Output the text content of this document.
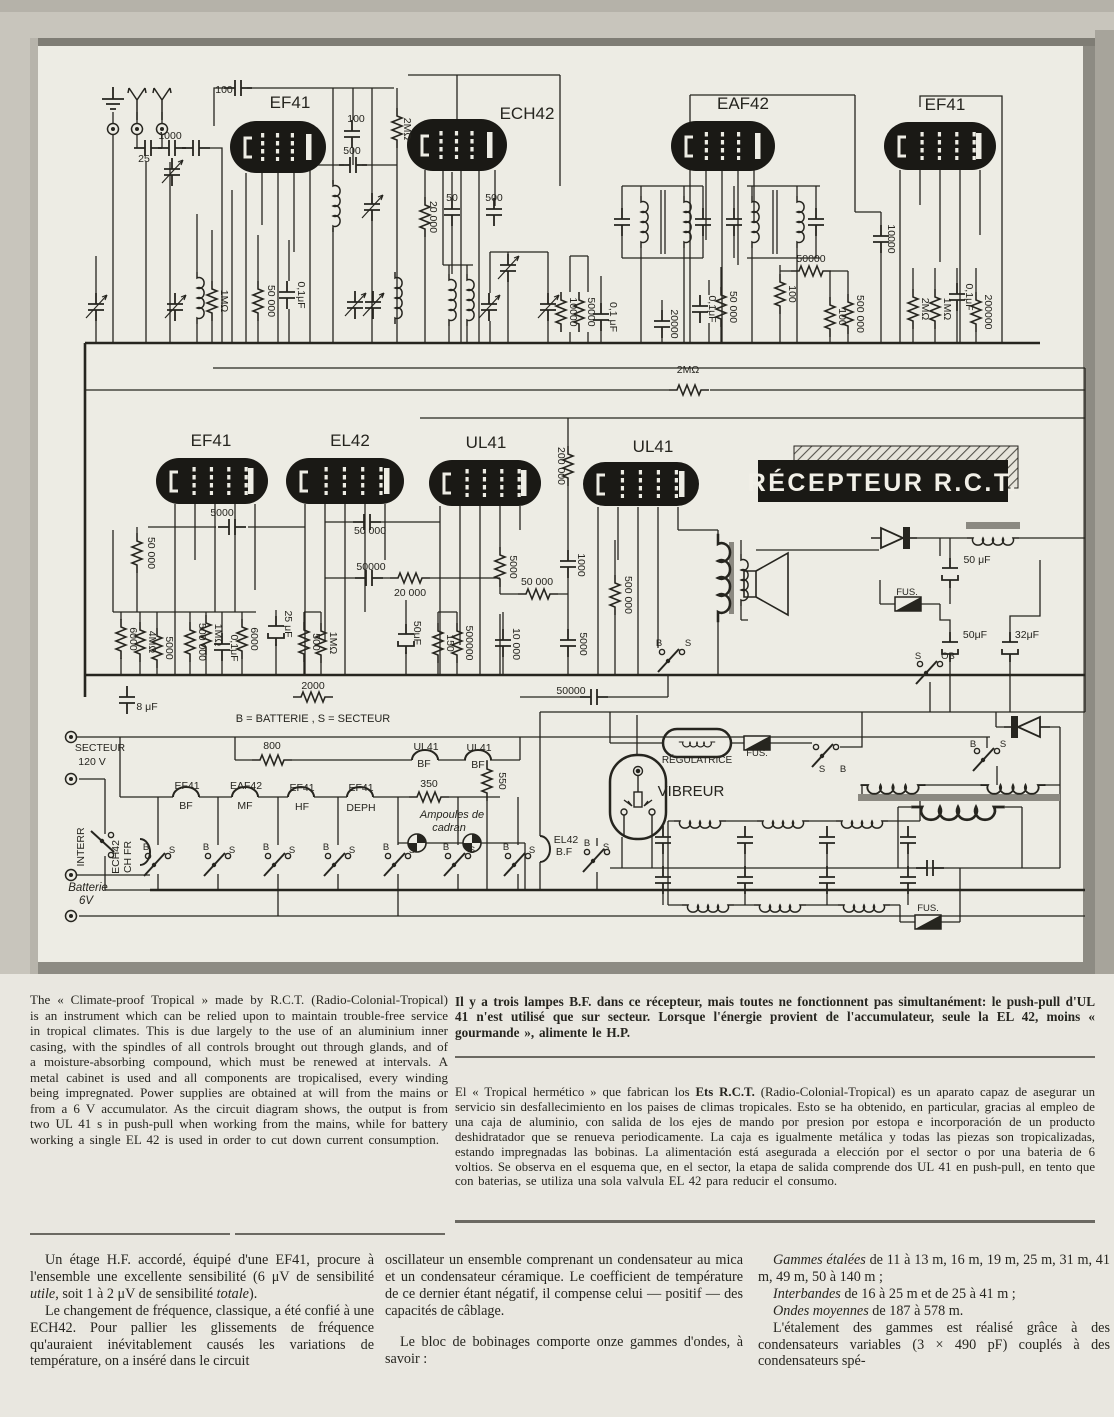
RÉCEPTEUR R.C.T.
EF41
ECH42
EAF42	EF41
EF41	EL42	UL41	UL41
100
1000
25
2MΩ
100
500
1MΩ	50 000 0,1μF
20 000
50	500
10000 50000 0,1 μF	20000
50000
100
100 500 000
10000
2MΩ 1MΩ 0,1μF 200000
50 000
0,1μF
2MΩ
200 000
5000
50 000
50 000
50000
20 000
6000 4MΩ 5000 500 000 1MΩ 0,1μF 6000
25 μF
500 1MΩ	50μF 150 500000
5000
50 000
10 000
1000
5000
500 000
2000
8 μF
B = BATTERIE , S = SECTEUR
50000
SECTEUR
120 V
800	UL41
BF
UL41
BF
550
EF41
BF
EAF42
MF
EF41
HF
EF41
DEPH
350
Ampoules de
cadran
INTERR ECH42 CH FR
Batterie
6V
RÉGULATRICE
FUS.
VIBREUR
EL42
B.F
FUS.
50 μF
50μF	32μF
FUS.
B S
S OB
B S
S B
B S	B S	B S	B S	B S	B S	B S
B S

The « Climate-proof Tropical » made by R.C.T. (Radio-Colonial-Tropical) is an instrument which can be relied upon to maintain trouble-free service in tropical climates. This is due largely to the use of an aluminium inner casing, with the spindles of all controls brought out through glands, and of a moisture-absorbing compound, which must be renewed at intervals. A metal cabinet is used and all components are tropicalised, every winding being impregnated. Power supplies are obtained at will from the mains or from a 6 V accumulator. As the circuit diagram shows, the output is from two UL 41 s in push-pull when working from the mains, while for battery working a single EL 42 is used in order to cut down current consumption.

Il y a trois lampes B.F. dans ce récepteur, mais toutes ne fonctionnent pas simultanément: le push-pull d'UL 41 n'est utilisé que sur secteur. Lorsque l'énergie provient de l'accumulateur, seule la EL 42, moins « gourmande », alimente le H.P.

El « Tropical hermético » que fabrican los Ets R.C.T. (Radio-Colonial-Tropical) es un aparato capaz de asegurar un servicio sin desfallecimiento en los paises de climas tropicales. Esto se ha obtenido, en particular, gracias al empleo de una caja de aluminio, con salida de los ejes de mando por presion por estopa e incorporación de un producto deshidratador que se renueva periodicamente. La caja es igualmente metálica y todas las piezas son tropicalizadas, estando impregnadas las bobinas. La alimentación está asegurada a elección por el sector o por una bateria de 6 voltios. Se observa en el esquema que, en el sector, la etapa de salida comprende dos UL 41 en push-pull, en tento que con baterias, se utiliza una sola valvula EL 42 para reducir el consumo.

Un étage H.F. accordé, équipé d'une EF41, procure à l'ensemble une excellente sensibilité (6 μV de sensibilité utile, soit 1 à 2 μV de sensibilité totale).

Le changement de fréquence, classique, a été confié à une ECH42. Pour pallier les glissements de fréquence qu'auraient inévitablement causés les variations de température, on a inséré dans le circuit

oscillateur un ensemble comprenant un condensateur au mica et un condensateur céramique. Le coefficient de température de ce dernier étant négatif, il compense celui — positif — des capacités de câblage.

Le bloc de bobinages comporte onze gammes d'ondes, à savoir :

Gammes étalées de 11 à 13 m, 16 m, 19 m, 25 m, 31 m, 41 m, 49 m, 50 à 140 m ;

Interbandes de 16 à 25 m et de 25 à 41 m ;

Ondes moyennes de 187 à 578 m.

L'étalement des gammes est réalisé grâce à des condensateurs variables (3 × 490 pF) couplés à des condensateurs spé-
